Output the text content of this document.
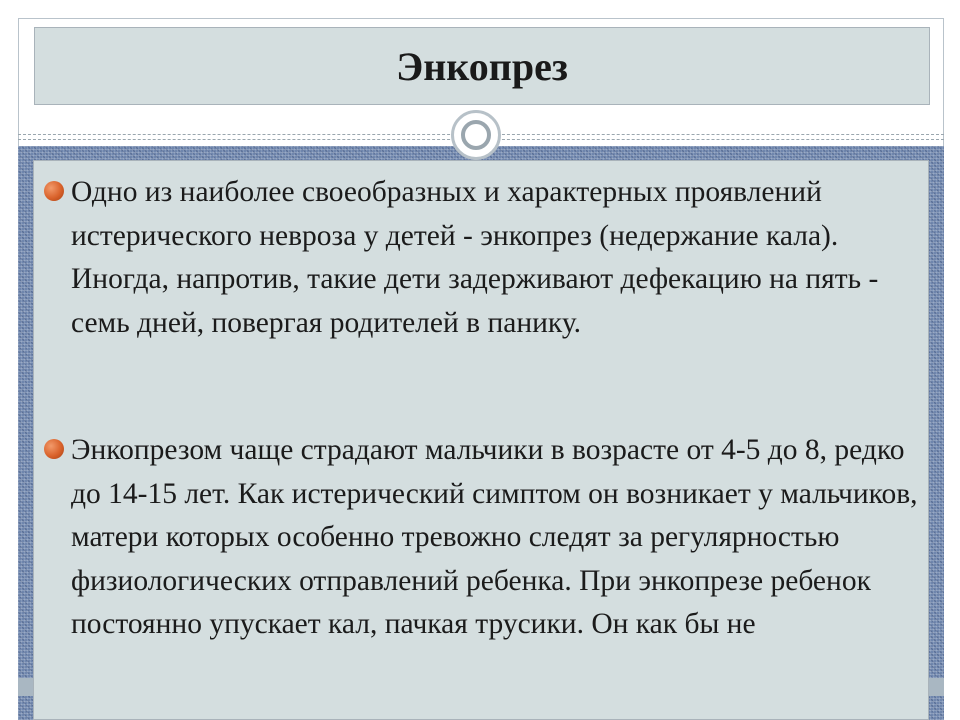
Энкопрез
Одно из наиболее своеобразных и характерных проявлений истерического невроза у детей - энкопрез (недержание кала). Иногда, напротив, такие дети задерживают дефекацию на пять - семь дней, повергая родителей в панику.
Энкопрезом чаще страдают мальчики в возрасте от 4-5 до 8, редко до 14-15 лет. Как истерический симптом он возникает у мальчиков, матери которых особенно тревожно следят за регулярностью физиологических отправлений ребенка. При энкопрезе ребенок постоянно упускает кал, пачкая трусики. Он как бы не
